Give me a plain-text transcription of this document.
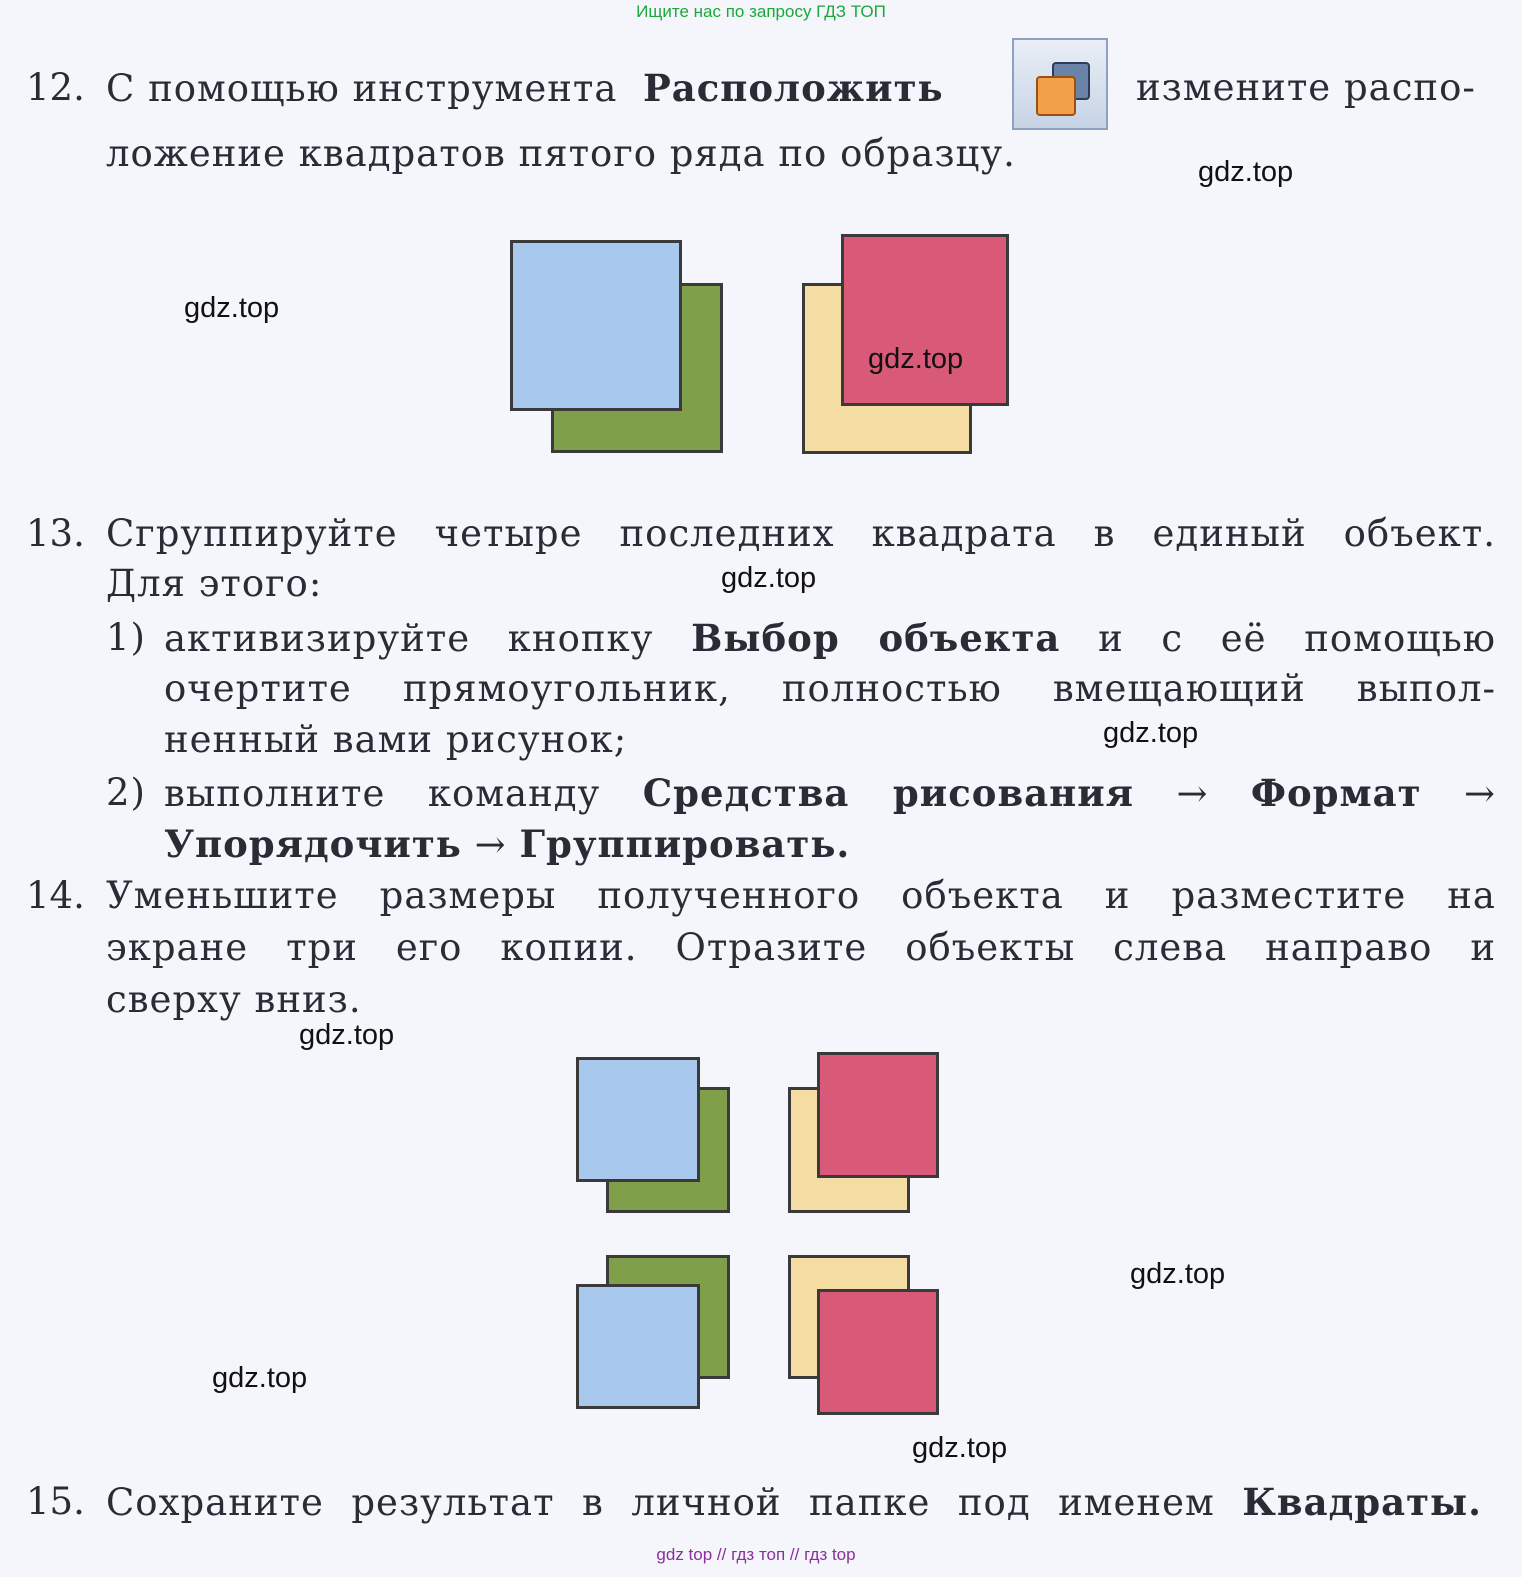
Ищите нас по запросу ГДЗ ТОП
12. С помощью инструмента Расположить	измените распо-
ложение квадратов пятого ряда по образцу.
13. Сгруппируйте четыре последних квадрата в единый объект.
Для этого:
1) активизируйте кнопку Выбор объекта и с её помощью
очертите прямоугольник, полностью вмещающий выпол-
ненный вами рисунок;
2) выполните команду Средства рисования → Формат →
Упорядочить → Группировать.
14. Уменьшите размеры полученного объекта и разместите на
экране три его копии. Отразите объекты слева направо и
сверху вниз.
15. Сохраните результат в личной папке под именем Квадраты.
gdz.top
gdz.top
gdz.top
gdz.top
gdz.top
gdz.top
gdz.top
gdz.top
gdz.top
gdz top // гдз топ // гдз top
